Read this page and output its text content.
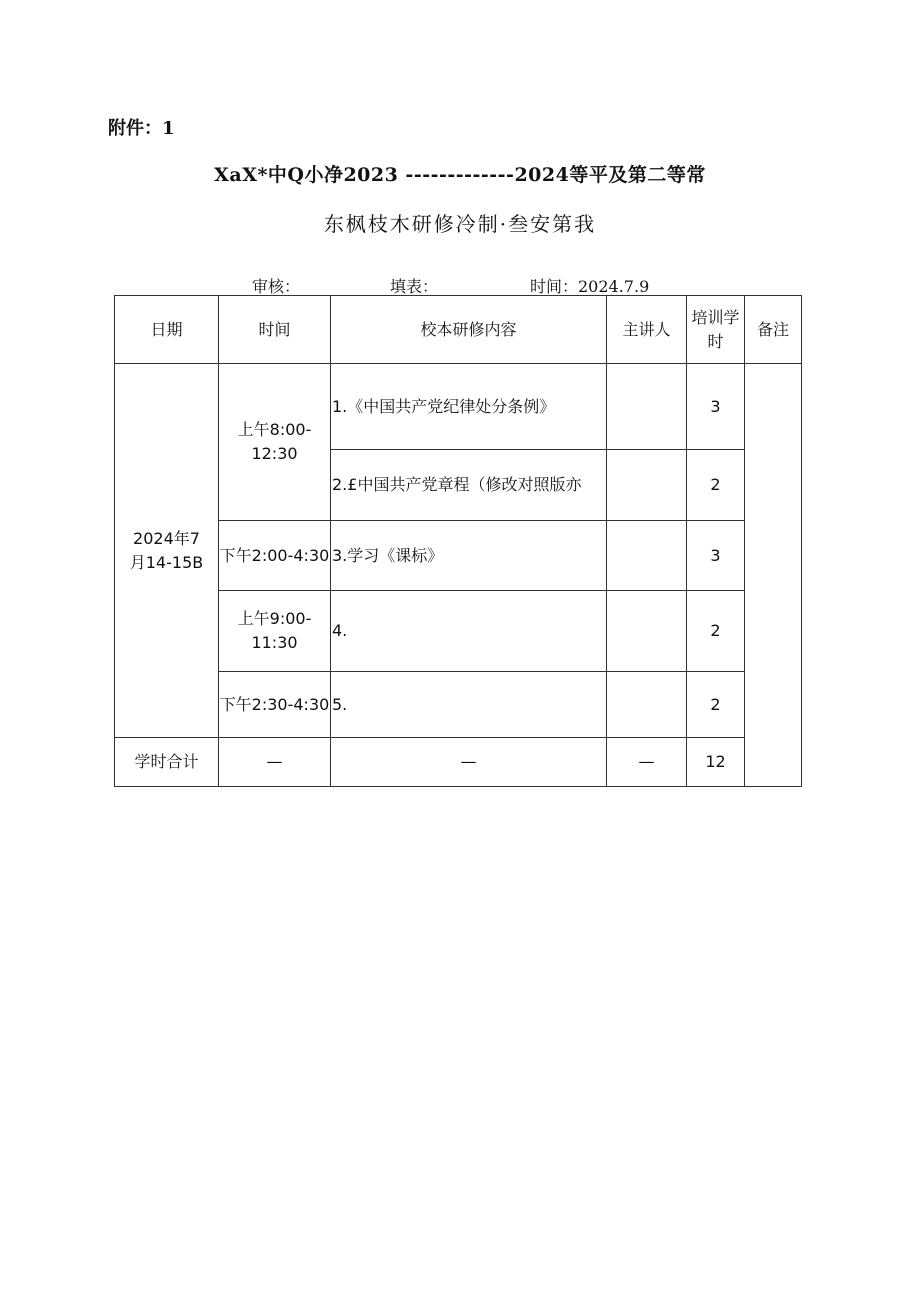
附件：1
XaX*中Q小净2023 -------------2024等平及第二等常
东枫枝木研修冷制·叁安第我
审核：	填表：	时间：2024.7.9
日期	时间	校本研修内容	主讲人	培训学时	备注
2024年7月14-15B	上午8:00-12:30	1.《中国共产党纪律处分条例》		3	
		2.£中国共产党章程（修改对照版亦		2	
	下午2:00-4:30	3.学习《课标》		3	
	上午9:00-11:30	4.		2	
	下午2:30-4:30	5.		2	
学时合计	—	—	—	12	
